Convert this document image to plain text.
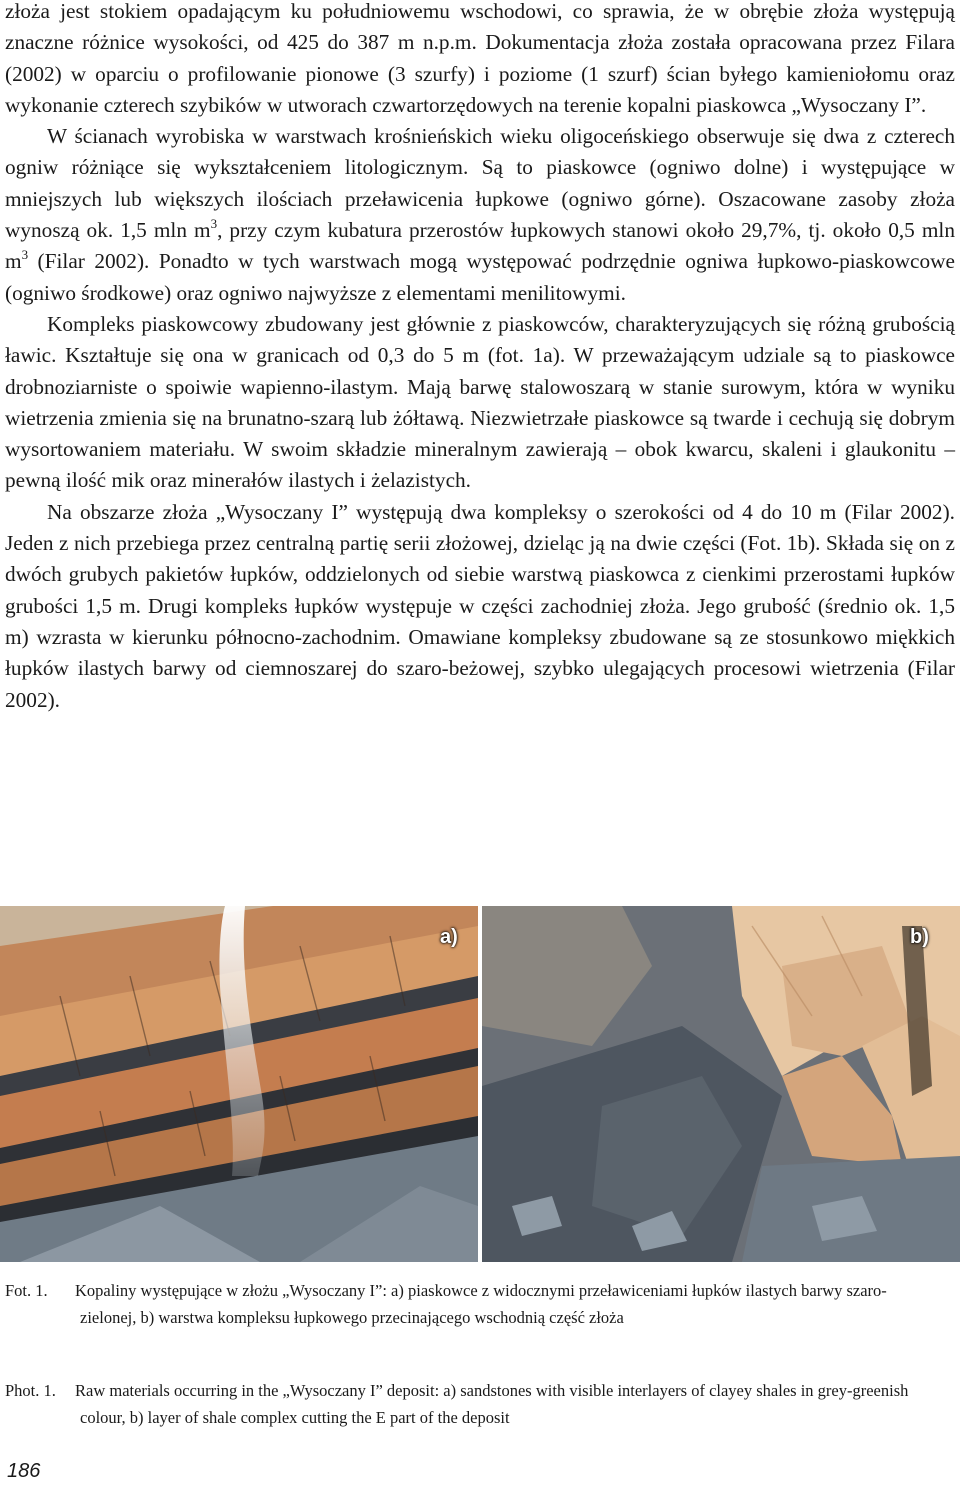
złoża jest stokiem opadającym ku południowemu wschodowi, co sprawia, że w obrębie złoża występują znaczne różnice wysokości, od 425 do 387 m n.p.m. Dokumentacja złoża została opracowana przez Filara (2002) w oparciu o profilowanie pionowe (3 szurfy) i poziome (1 szurf) ścian byłego kamieniołomu oraz wykonanie czterech szybików w utworach czwartorzędowych na terenie kopalni piaskowca „Wysoczany I”.

W ścianach wyrobiska w warstwach krośnieńskich wieku oligoceńskiego obserwuje się dwa z czterech ogniw różniące się wykształceniem litologicznym. Są to piaskowce (ogniwo dolne) i występujące w mniejszych lub większych ilościach przeławicenia łupkowe (ogniwo górne). Oszacowane zasoby złoża wynoszą ok. 1,5 mln $m^3$, przy czym kubatura przerostów łupkowych stanowi około 29,7%, tj. około 0,5 mln $m^3$ (Filar 2002). Ponadto w tych warstwach mogą występować podrzędnie ogniwa łupkowo-piaskowcowe (ogniwo środkowe) oraz ogniwo najwyższe z elementami menilitowymi.

Kompleks piaskowcowy zbudowany jest głównie z piaskowców, charakteryzujących się różną grubością ławic. Kształtuje się ona w granicach od 0,3 do 5 m (fot. 1a). W przeważającym udziale są to piaskowce drobnoziarniste o spoiwie wapienno-ilastym. Mają barwę stalowoszarą w stanie surowym, która w wyniku wietrzenia zmienia się na brunatno-szarą lub żółtawą. Niezwietrzałe piaskowce są twarde i cechują się dobrym wysortowaniem materiału. W swoim składzie mineralnym zawierają – obok kwarcu, skaleni i glaukonitu – pewną ilość mik oraz minerałów ilastych i żelazistych.

Na obszarze złoża „Wysoczany I” występują dwa kompleksy o szerokości od 4 do 10 m (Filar 2002). Jeden z nich przebiega przez centralną partię serii złożowej, dzieląc ją na dwie części (Fot. 1b). Składa się on z dwóch grubych pakietów łupków, oddzielonych od siebie warstwą piaskowca z cienkimi przerostami łupków grubości 1,5 m. Drugi kompleks łupków występuje w części zachodniej złoża. Jego grubość (średnio ok. 1,5 m) wzrasta w kierunku północno-zachodnim. Omawiane kompleksy zbudowane są ze stosunkowo miękkich łupków ilastych barwy od ciemnoszarej do szaro-beżowej, szybko ulegających procesowi wietrzenia (Filar 2002).

a)	b)
Fot. 1.	Kopaliny występujące w złożu „Wysoczany I”: a) piaskowce z widocznymi przeławiceniami łupków ilastych barwy szaro-zielonej, b) warstwa kompleksu łupkowego przecinającego wschodnią część złoża
Phot. 1.	Raw materials occurring in the „Wysoczany I” deposit: a) sandstones with visible interlayers of clayey shales in grey-greenish colour, b) layer of shale complex cutting the E part of the deposit
186
